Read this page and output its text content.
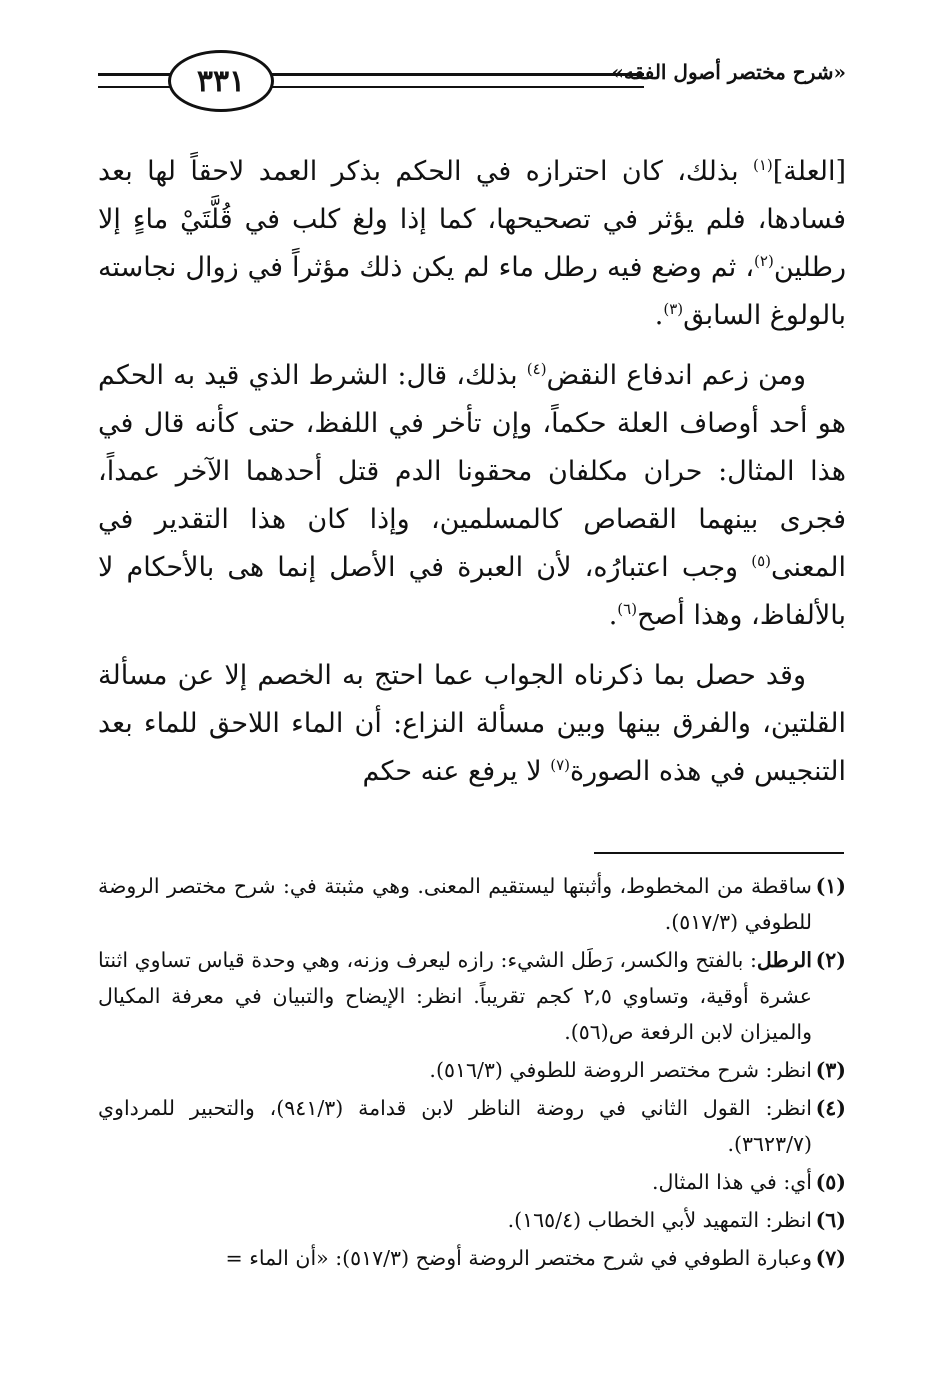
٣٣١	«شرح مختصر أصول الفقه»

[العلة]$^{(١)}$ بذلك، كان احترازه في الحكم بذكر العمد لاحقاً لها بعد فسادها، فلم يؤثر في تصحيحها، كما إذا ولغ كلب في قُلَّتَيْ ماءٍ إلا رطلين$^{(٢)}$، ثم وضع فيه رطل ماء لم يكن ذلك مؤثراً في زوال نجاسته بالولوغ السابق$^{(٣)}$.

ومن زعم اندفاع النقض$^{(٤)}$ بذلك، قال: الشرط الذي قيد به الحكم هو أحد أوصاف العلة حكماً، وإن تأخر في اللفظ، حتى كأنه قال في هذا المثال: حران مكلفان محقونا الدم قتل أحدهما الآخر عمداً، فجرى بينهما القصاص كالمسلمين، وإذا كان هذا التقدير في المعنى$^{(٥)}$ وجب اعتبارُه، لأن العبرة في الأصل إنما هى بالأحكام لا بالألفاظ، وهذا أصح$^{(٦)}$.

وقد حصل بما ذكرناه الجواب عما احتج به الخصم إلا عن مسألة القلتين، والفرق بينها وبين مسألة النزاع: أن الماء اللاحق للماء بعد التنجيس في هذه الصورة$^{(٧)}$ لا يرفع عنه حكم

(١)
ساقطة من المخطوط، وأثبتها ليستقيم المعنى. وهي مثبتة في: شرح مختصر الروضة للطوفي (٥١٧/٣).
(٢)
الرطل: بالفتح والكسر، رَطَل الشيء: رازه ليعرف وزنه، وهي وحدة قياس تساوي اثنتا عشرة أوقية، وتساوي ٢,٥ كجم تقريباً. انظر: الإيضاح والتبيان في معرفة المكيال والميزان لابن الرفعة ص(٥٦).
(٣)
انظر: شرح مختصر الروضة للطوفي (٥١٦/٣).
(٤)
انظر: القول الثاني في روضة الناظر لابن قدامة (٩٤١/٣)، والتحبير للمرداوي (٣٦٢٣/٧).
(٥)
أي: في هذا المثال.
(٦)
انظر: التمهيد لأبي الخطاب (١٦٥/٤).
(٧)
وعبارة الطوفي في شرح مختصر الروضة أوضح (٥١٧/٣): «أن الماء =
